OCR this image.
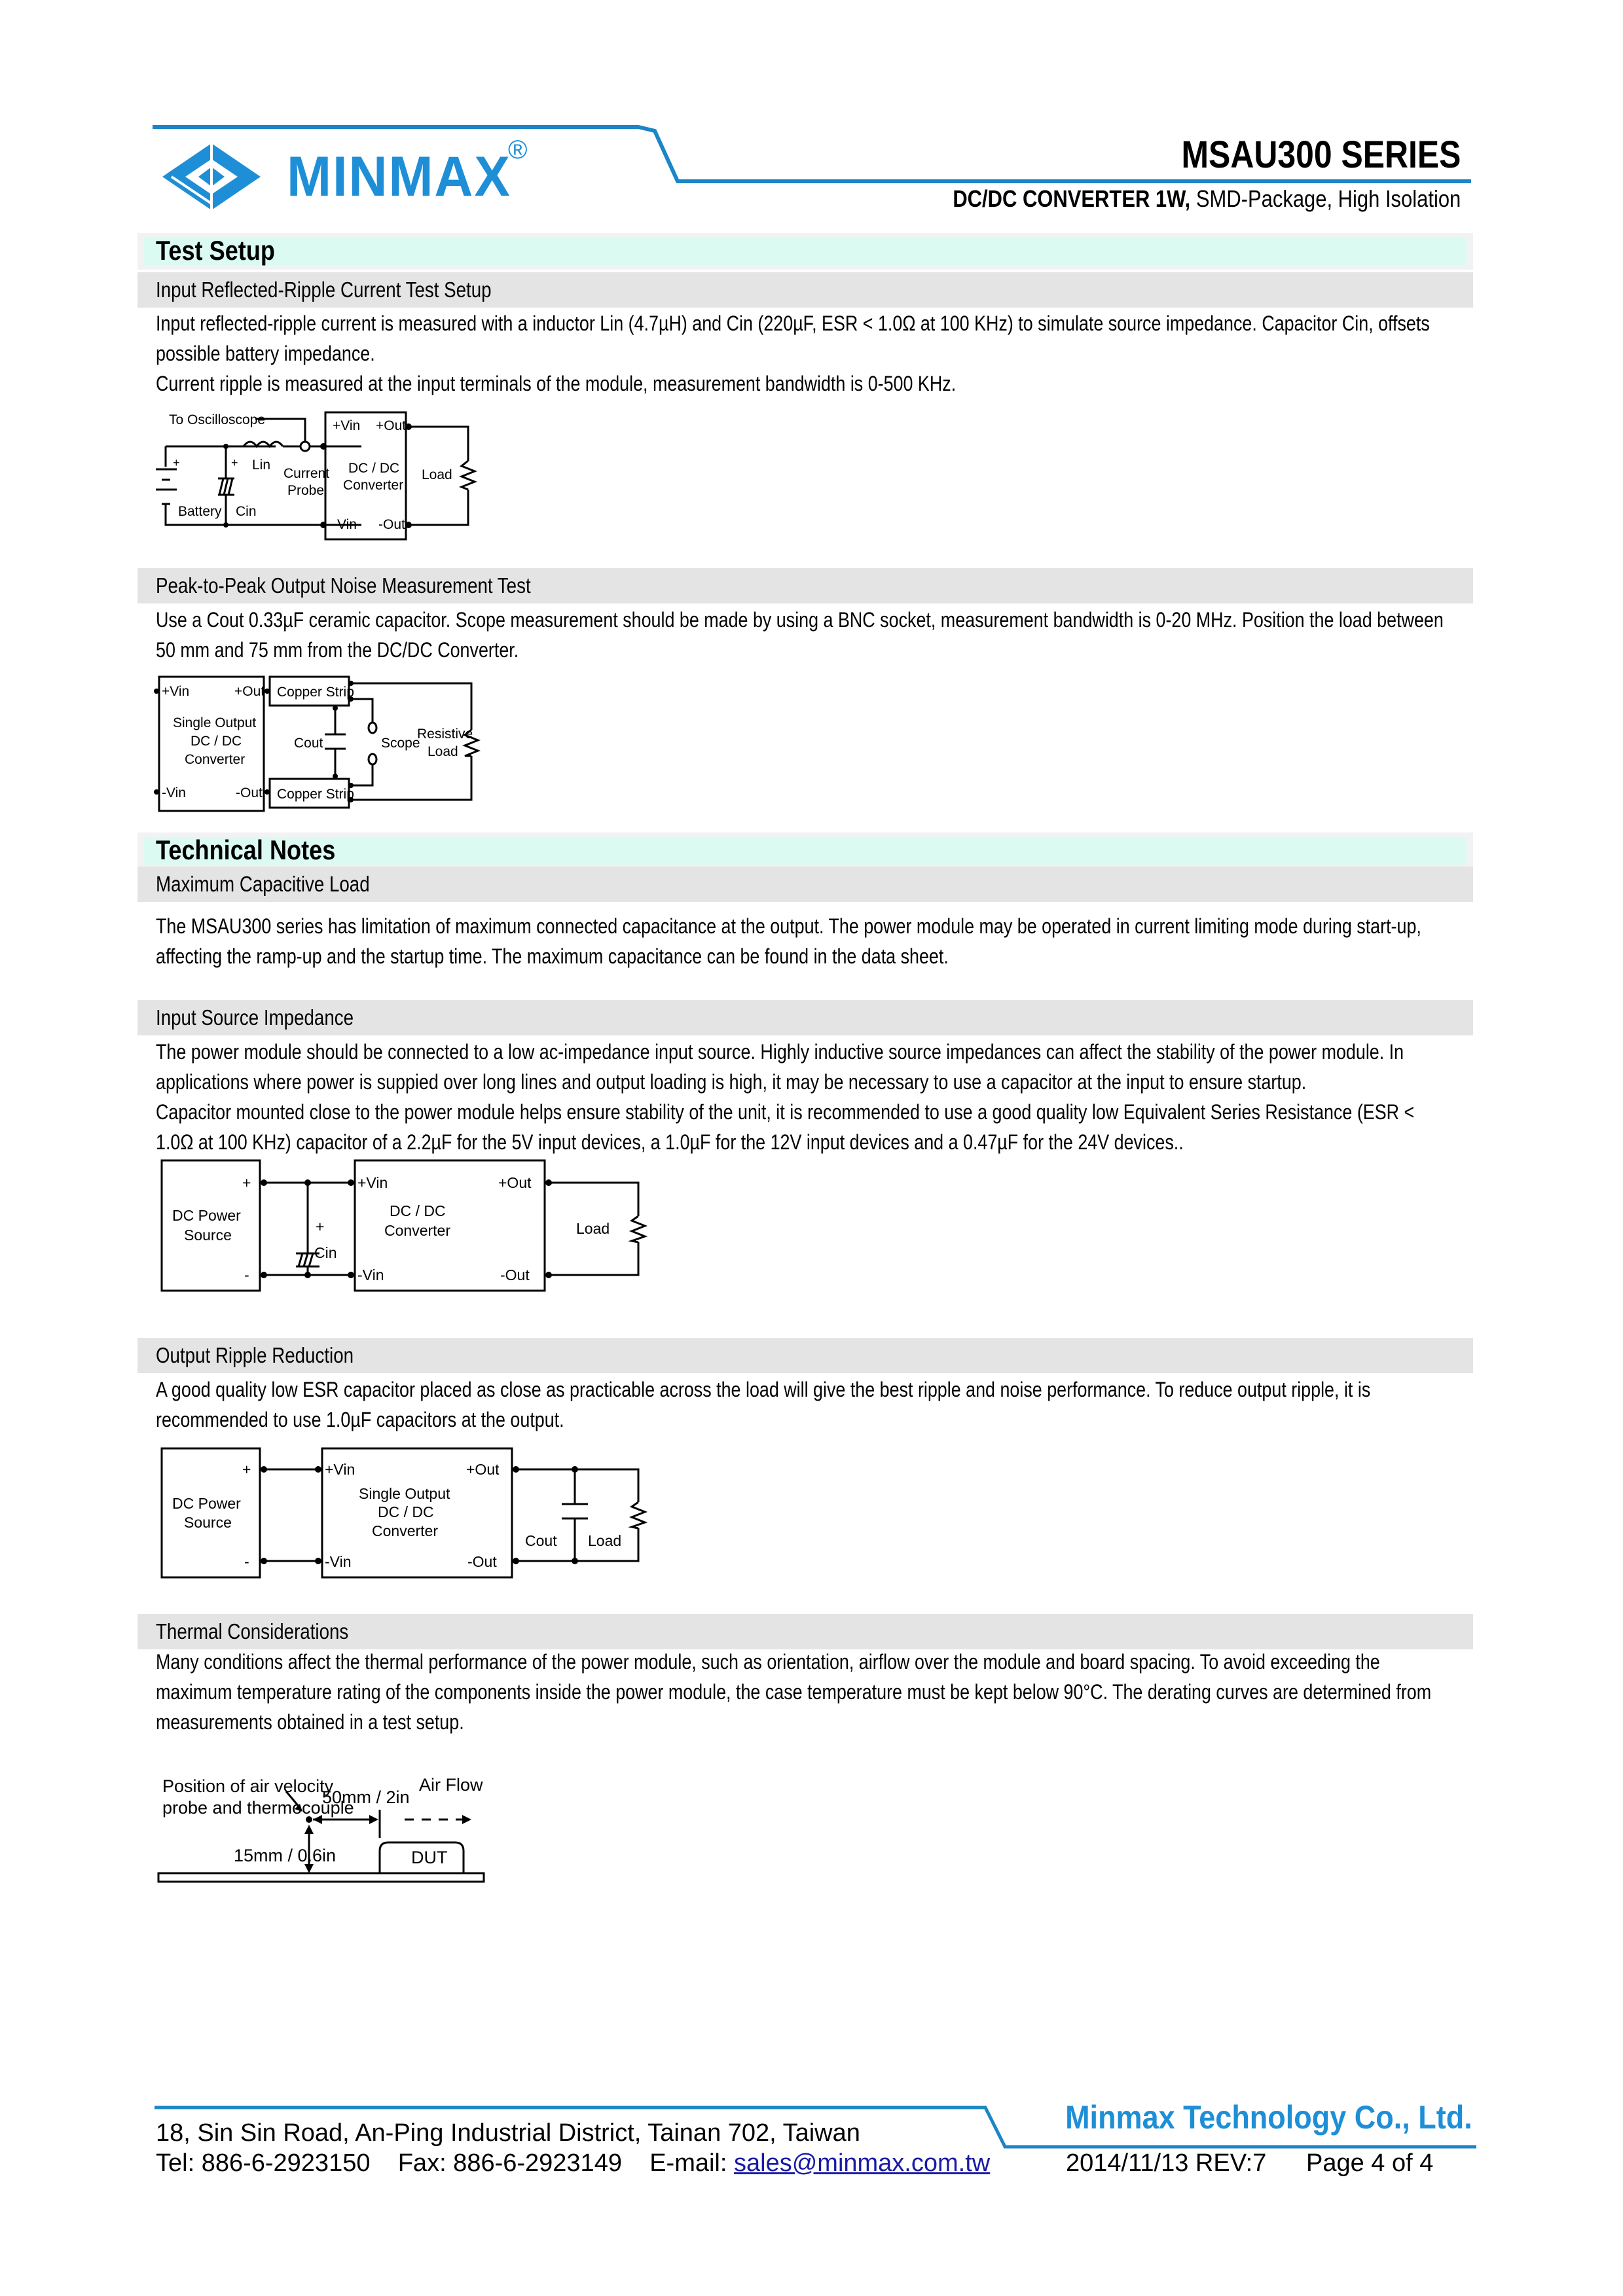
MINMAX
®	MSAU300 SERIES
DC/DC CONVERTER 1W, SMD-Package, High Isolation
Test Setup
Input Reflected-Ripple Current Test Setup

Input reflected-ripple current is measured with a inductor Lin (4.7µH) and Cin (220µF, ESR < 1.0Ω at 100 KHz) to simulate source impedance. Capacitor Cin, offsets possible battery impedance.

Current ripple is measured at the input terminals of the module, measurement bandwidth is 0-500 KHz.

To Oscilloscope
+	+
Battery Cin
Lin
Current
Probe
+Vin +Out
-Vin -Out
DC / DC
Converter
Load
Peak-to-Peak Output Noise Measurement Test

Use a Cout 0.33µF ceramic capacitor. Scope measurement should be made by using a BNC socket, measurement bandwidth is 0-20 MHz. Position the load between 50 mm and 75 mm from the DC/DC Converter.

+Vin	+Out
-Vin	-Out
Single Output
DC / DC
Converter
Copper Strip
Copper Strip
Cout	Scope
Resistive
Load
Technical Notes
Maximum Capacitive Load

The MSAU300 series has limitation of maximum connected capacitance at the output. The power module may be operated in current limiting mode during start-up, affecting the ramp-up and the startup time. The maximum capacitance can be found in the data sheet.

Input Source Impedance

The power module should be connected to a low ac-impedance input source. Highly inductive source impedances can affect the stability of the power module. In applications where power is suppied over long lines and output loading is high, it may be necessary to use a capacitor at the input to ensure startup.

Capacitor mounted close to the power module helps ensure stability of the unit, it is recommended to use a good quality low Equivalent Series Resistance (ESR < 1.0Ω at 100 KHz) capacitor of a 2.2µF for the 5V input devices, a 1.0µF for the 12V input devices and a 0.47µF for the 24V devices..

DC Power
Source
+
-
+
Cin
+Vin	+Out
-Vin	-Out
DC / DC
Converter	Load
Output Ripple Reduction

A good quality low ESR capacitor placed as close as practicable across the load will give the best ripple and noise performance. To reduce output ripple, it is recommended to use 1.0µF capacitors at the output.

DC Power
Source
+
-
+Vin	+Out
-Vin	-Out
Single Output
DC / DC
Converter
Cout Load
Thermal Considerations

Many conditions affect the thermal performance of the power module, such as orientation, airflow over the module and board spacing. To avoid exceeding the maximum temperature rating of the components inside the power module, the case temperature must be kept below 90°C. The derating curves are determined from measurements obtained in a test setup.

Position of air velocity
probe and thermocouple
50mm / 2in
15mm / 0.6in
Air Flow
DUT
Minmax Technology Co., Ltd.
18, Sin Sin Road, An-Ping Industrial District, Tainan 702, Taiwan
Tel: 886-6-2923150 Fax: 886-6-2923149 E-mail: sales@minmax.com.tw	2014/11/13 REV:7 Page 4 of 4
